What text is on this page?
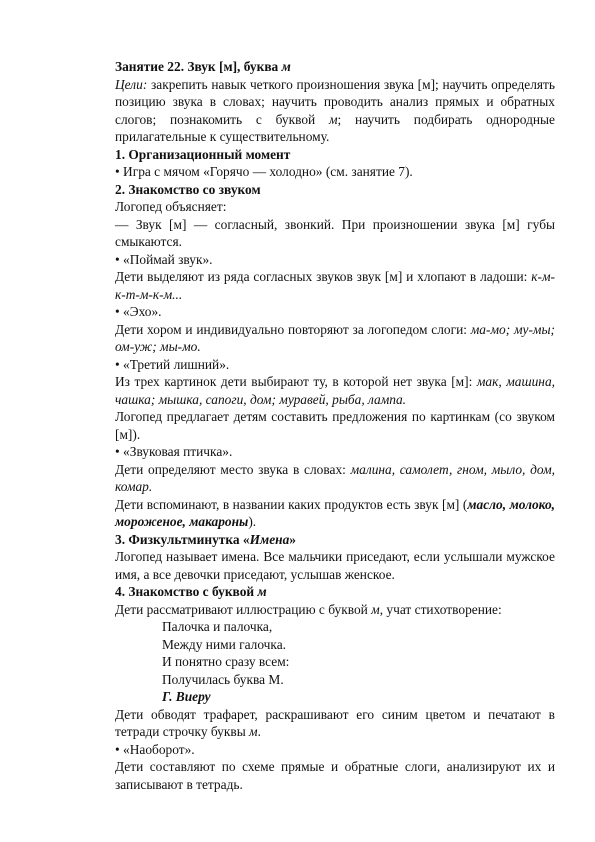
Занятие 22. Звук [м], буква м

Цели: закрепить навык четкого произношения звука [м]; научить определять позицию звука в словах; научить проводить анализ прямых и обратных слогов; познакомить с буквой м; научить подбирать однородные прилагательные к существительному.

1. Организационный момент

• Игра с мячом «Горячо — холодно» (см. занятие 7).

2. Знакомство со звуком

Логопед объясняет:

— Звук [м] — согласный, звонкий. При произношении звука [м] губы смыкаются.

• «Поймай звук».

Дети выделяют из ряда согласных звуков звук [м] и хлопают в ладоши: к-м-к-т-м-к-м...

• «Эхо».

Дети хором и индивидуально повторяют за логопедом слоги: ма-мо; му-мы; ом-уж; мы-мо.

• «Третий лишний».

Из трех картинок дети выбирают ту, в которой нет звука [м]: мак, машина, чашка; мышка, сапоги, дом; муравей, рыба, лампа.

Логопед предлагает детям составить предложения по картинкам (со звуком [м]).

• «Звуковая птичка».

Дети определяют место звука в словах: малина, самолет, гном, мыло, дом, комар.

Дети вспоминают, в названии каких продуктов есть звук [м] (масло, молоко, мороженое, макароны).

3. Физкультминутка «Имена»

Логопед называет имена. Все мальчики приседают, если услышали мужское имя, а все девочки приседают, услышав женское.

4. Знакомство с буквой м

Дети рассматривают иллюстрацию с буквой м, учат стихотворение:

Палочка и палочка,

Между ними галочка.

И понятно сразу всем:

Получилась буква М.

Г. Виеру

Дети обводят трафарет, раскрашивают его синим цветом и печатают в тетради строчку буквы м.

• «Наоборот».

Дети составляют по схеме прямые и обратные слоги, анализируют их и записывают в тетрадь.
